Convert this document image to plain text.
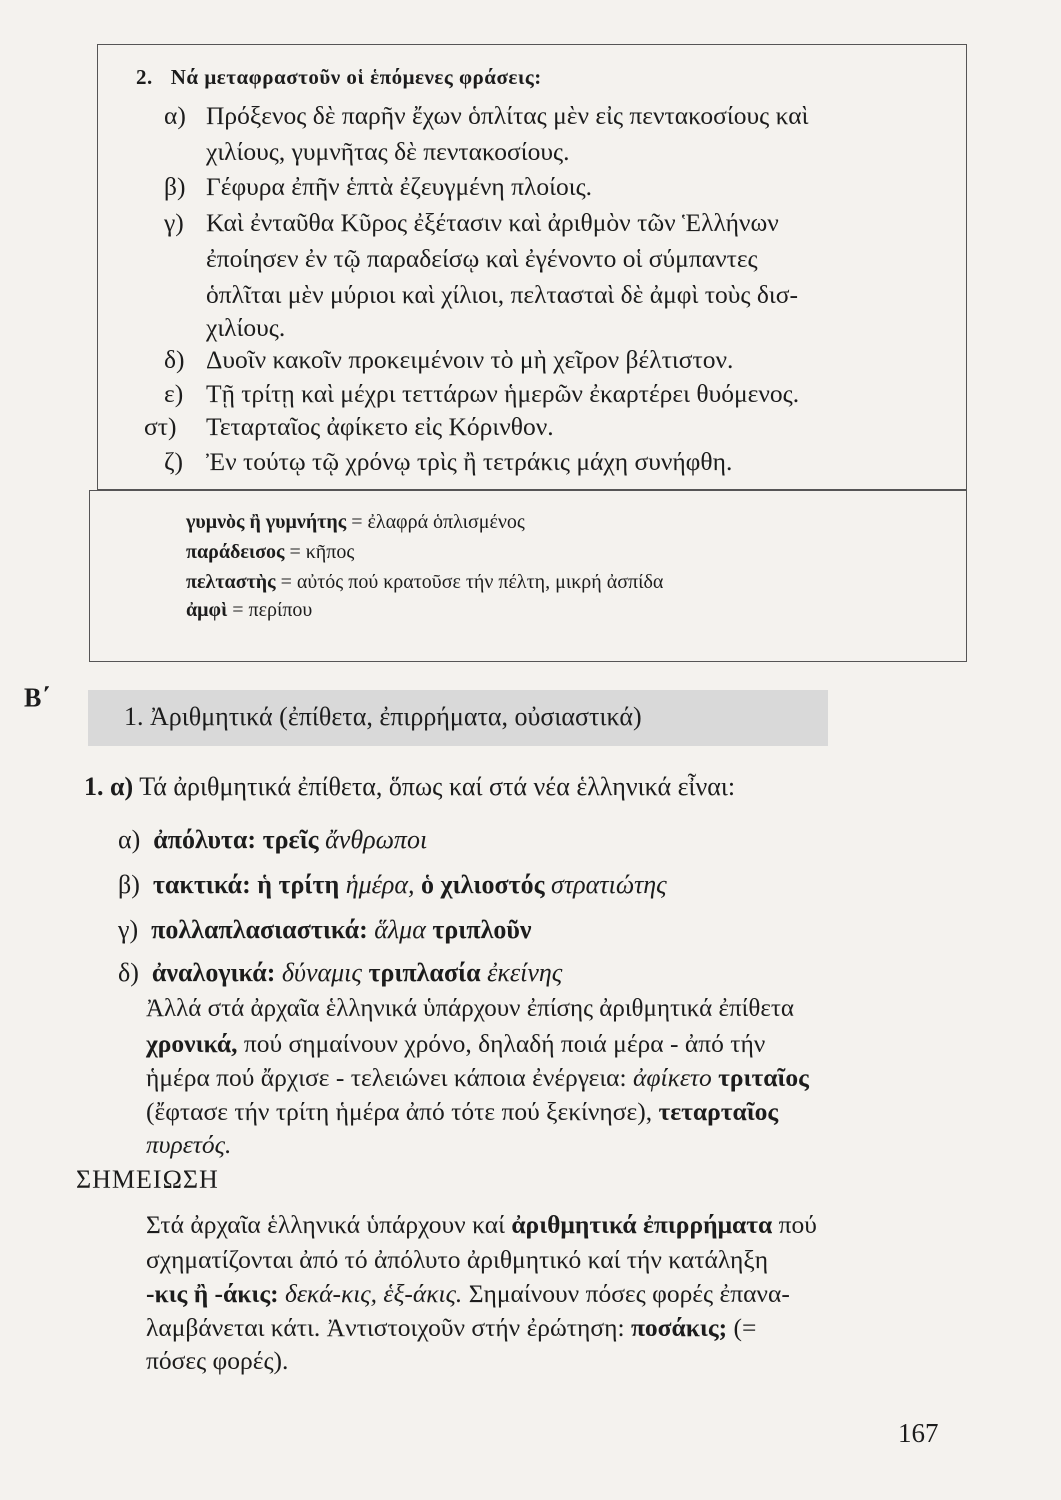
2. Νά μεταφραστοῦν οἱ ἑπόμενες φράσεις:
α) Πρόξενος δὲ παρῆν ἔχων ὁπλίτας μὲν εἰς πεντακοσίους καὶ
χιλίους, γυμνῆτας δὲ πεντακοσίους.
β) Γέφυρα ἐπῆν ἑπτὰ ἐζευγμένη πλοίοις.
γ) Καὶ ἐνταῦθα Κῦρος ἐξέτασιν καὶ ἀριθμὸν τῶν Ἑλλήνων
ἐποίησεν ἐν τῷ παραδείσῳ καὶ ἐγένοντο οἱ σύμπαντες
ὁπλῖται μὲν μύριοι καὶ χίλιοι, πελτασταὶ δὲ ἀμφὶ τοὺς δισ-
χιλίους.
δ) Δυοῖν κακοῖν προκειμένοιν τὸ μὴ χεῖρον βέλτιστον.
ε) Τῇ τρίτῃ καὶ μέχρι τεττάρων ἡμερῶν ἐκαρτέρει θυόμενος.
στ) Τεταρταῖος ἀφίκετο εἰς Κόρινθον.
ζ) Ἐν τούτῳ τῷ χρόνῳ τρὶς ἢ τετράκις μάχη συνήφθη.
γυμνὸς ἢ γυμνήτης = ἐλαφρά ὁπλισμένος
παράδεισος = κῆπος
πελταστὴς = αὐτός πού κρατοῦσε τήν πέλτη, μικρή ἀσπίδα
ἀμφὶ = περίπου
Β΄
1. Ἀριθμητικά (ἐπίθετα, ἐπιρρήματα, οὐσιαστικά)
1. α) Τά ἀριθμητικά ἐπίθετα, ὅπως καί στά νέα ἑλληνικά εἶναι:
α) ἀπόλυτα: τρεῖς ἄνθρωποι
β) τακτικά: ἡ τρίτη ἡμέρα, ὁ χιλιοστός στρατιώτης
γ) πολλαπλασιαστικά: ἅλμα τριπλοῦν
δ) ἀναλογικά: δύναμις τριπλασία ἐκείνης
Ἀλλά στά ἀρχαῖα ἑλληνικά ὑπάρχουν ἐπίσης ἀριθμητικά ἐπίθετα
χρονικά, πού σημαίνουν χρόνο, δηλαδή ποιά μέρα - ἀπό τήν
ἡμέρα πού ἄρχισε - τελειώνει κάποια ἐνέργεια: ἀφίκετο τριταῖος
(ἔφτασε τήν τρίτη ἡμέρα ἀπό τότε πού ξεκίνησε), τεταρταῖος
πυρετός.
ΣΗΜΕΙΩΣΗ
Στά ἀρχαῖα ἑλληνικά ὑπάρχουν καί ἀριθμητικά ἐπιρρήματα πού
σχηματίζονται ἀπό τό ἀπόλυτο ἀριθμητικό καί τήν κατάληξη
-κις ἢ -άκις: δεκά-κις, ἑξ-άκις. Σημαίνουν πόσες φορές ἐπανα-
λαμβάνεται κάτι. Ἀντιστοιχοῦν στήν ἐρώτηση: ποσάκις; (=
πόσες φορές).
167
